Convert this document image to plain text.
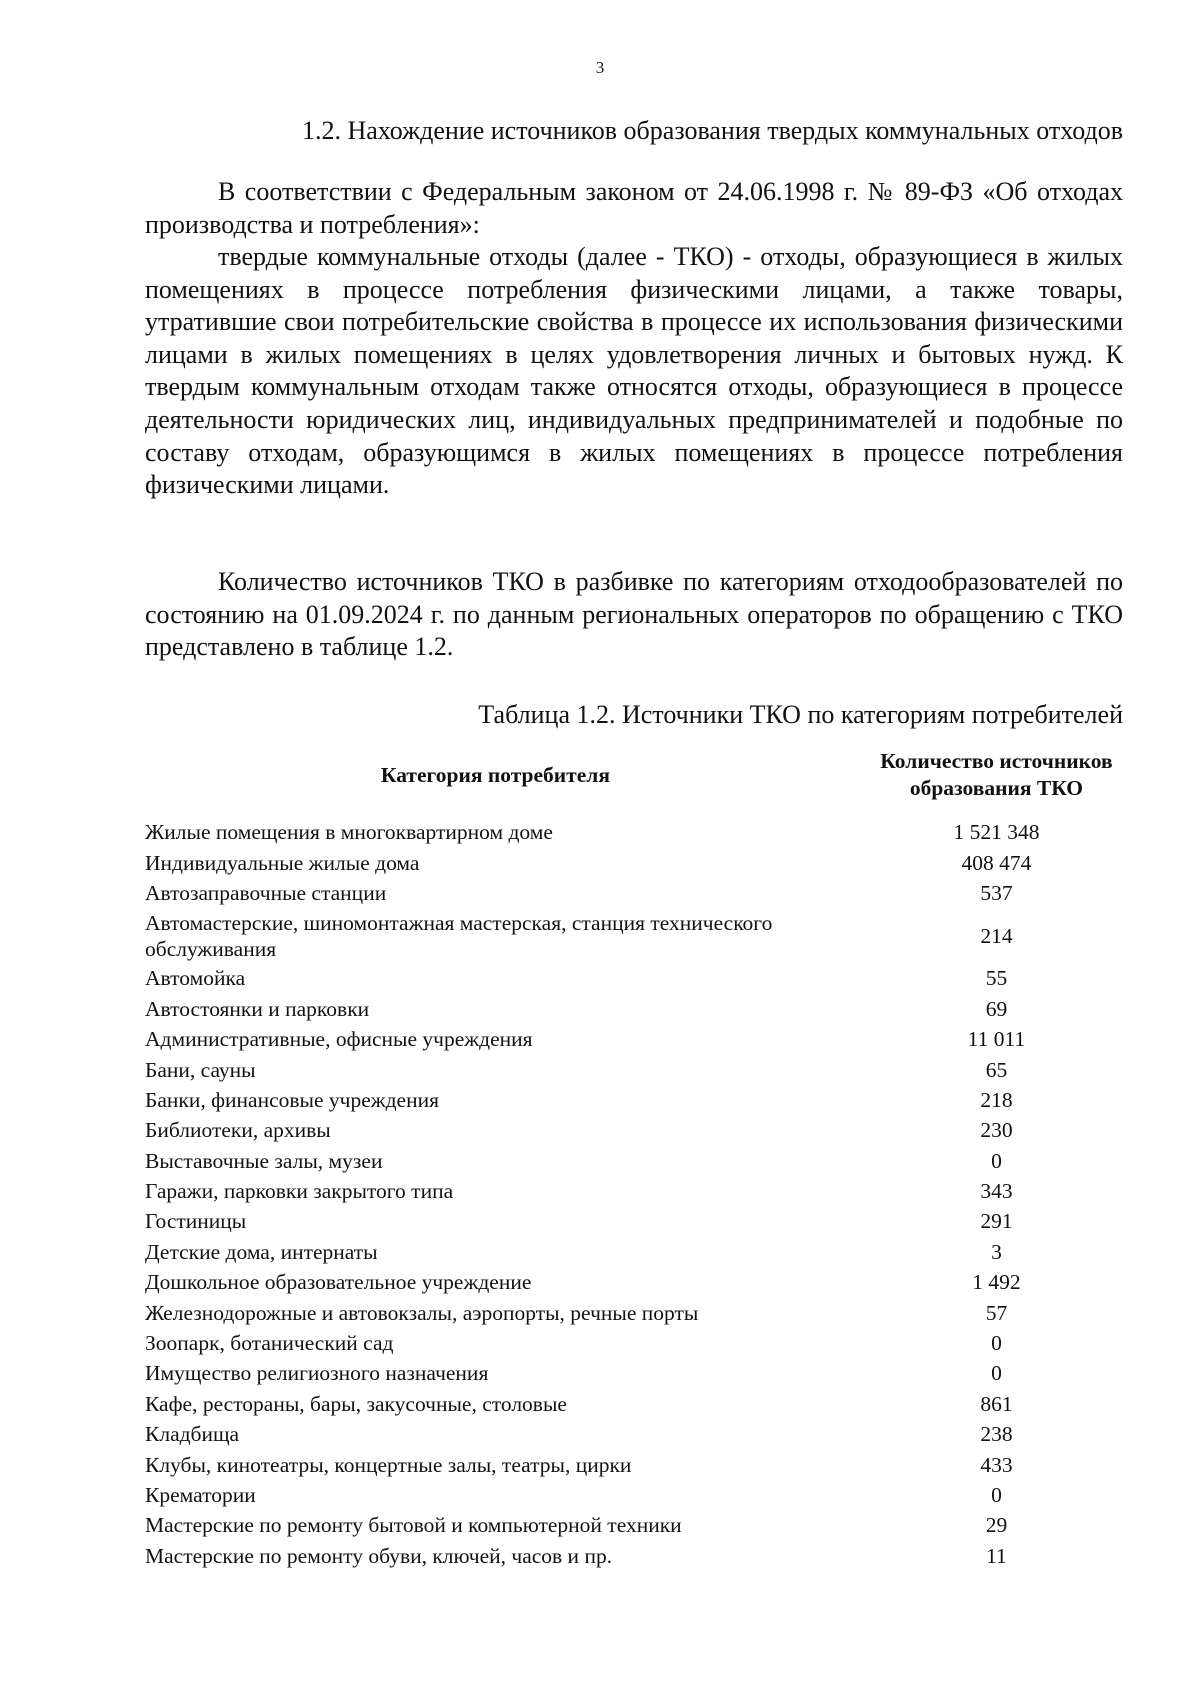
3
1.2. Нахождение источников образования твердых коммунальных отходов
В соответствии с Федеральным законом от 24.06.1998 г. № 89-ФЗ «Об отходах производства и потребления»:
твердые коммунальные отходы (далее - ТКО) - отходы, образующиеся в жилых помещениях в процессе потребления физическими лицами, а также товары, утратившие свои потребительские свойства в процессе их использования физическими лицами в жилых помещениях в целях удовлетворения личных и бытовых нужд. К твердым коммунальным отходам также относятся отходы, образующиеся в процессе деятельности юридических лиц, индивидуальных предпринимателей и подобные по составу отходам, образующимся в жилых помещениях в процессе потребления физическими лицами.
Количество источников ТКО в разбивке по категориям отходообразователей по состоянию на 01.09.2024 г. по данным региональных операторов по обращению с ТКО представлено в таблице 1.2.
Таблица 1.2. Источники ТКО по категориям потребителей
Категория потребителя	Количество источников образования ТКО
Жилые помещения в многоквартирном доме	1 521 348
Индивидуальные жилые дома	408 474
Автозаправочные станции	537
Автомастерские, шиномонтажная мастерская, станция технического обслуживания	214
Автомойка	55
Автостоянки и парковки	69
Административные, офисные учреждения	11 011
Бани, сауны	65
Банки, финансовые учреждения	218
Библиотеки, архивы	230
Выставочные залы, музеи	0
Гаражи, парковки закрытого типа	343
Гостиницы	291
Детские дома, интернаты	3
Дошкольное образовательное учреждение	1 492
Железнодорожные и автовокзалы, аэропорты, речные порты	57
Зоопарк, ботанический сад	0
Имущество религиозного назначения	0
Кафе, рестораны, бары, закусочные, столовые	861
Кладбища	238
Клубы, кинотеатры, концертные залы, театры, цирки	433
Крематории	0
Мастерские по ремонту бытовой и компьютерной техники	29
Мастерские по ремонту обуви, ключей, часов и пр.	11
